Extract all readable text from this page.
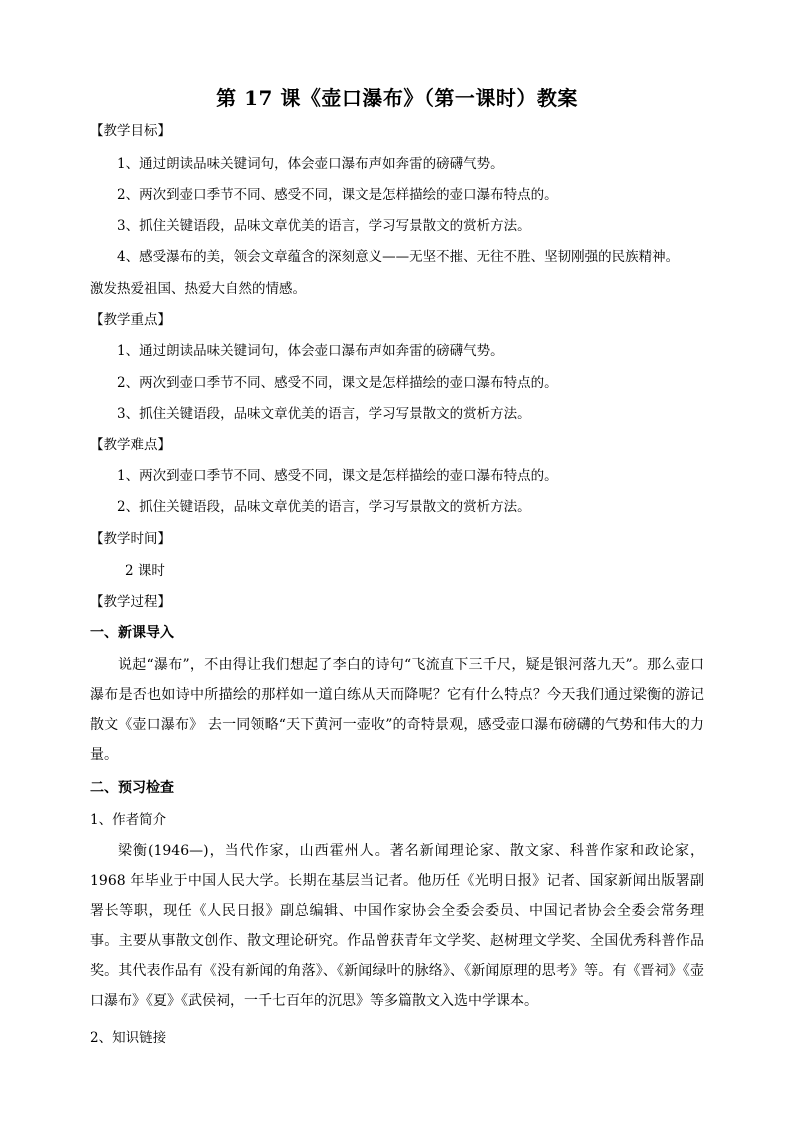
第 17 课《壶口瀑布》（第一课时）教案
【教学目标】
1、通过朗读品味关键词句，体会壶口瀑布声如奔雷的磅礴气势。
2、两次到壶口季节不同、感受不同，课文是怎样描绘的壶口瀑布特点的。
3、抓住关键语段，品味文章优美的语言，学习写景散文的赏析方法。
4、感受瀑布的美，领会文章蕴含的深刻意义——无坚不摧、无往不胜、坚韧刚强的民族精神。
激发热爱祖国、热爱大自然的情感。
【教学重点】
1、通过朗读品味关键词句，体会壶口瀑布声如奔雷的磅礴气势。
2、两次到壶口季节不同、感受不同，课文是怎样描绘的壶口瀑布特点的。
3、抓住关键语段，品味文章优美的语言，学习写景散文的赏析方法。
【教学难点】
1、两次到壶口季节不同、感受不同，课文是怎样描绘的壶口瀑布特点的。
2、抓住关键语段，品味文章优美的语言，学习写景散文的赏析方法。
【教学时间】
2 课时
【教学过程】
一、新课导入
说起“瀑布”，不由得让我们想起了李白的诗句“飞流直下三千尺，疑是银河落九天”。那么壶口瀑布是否也如诗中所描绘的那样如一道白练从天而降呢？它有什么特点？今天我们通过梁衡的游记散文《壶口瀑布》 去一同领略“天下黄河一壶收”的奇特景观，感受壶口瀑布磅礴的气势和伟大的力量。
二、预习检查
1、作者简介
梁衡(1946—)，当代作家，山西霍州人。著名新闻理论家、散文家、科普作家和政论家，1968 年毕业于中国人民大学。长期在基层当记者。他历任《光明日报》记者、国家新闻出版署副署长等职，现任《人民日报》副总编辑、中国作家协会全委会委员、中国记者协会全委会常务理事。主要从事散文创作、散文理论研究。作品曾获青年文学奖、赵树理文学奖、全国优秀科普作品奖。其代表作品有《没有新闻的角落》、《新闻绿叶的脉络》、《新闻原理的思考》等。有《晋祠》《壶口瀑布》《夏》《武侯祠，一千七百年的沉思》等多篇散文入选中学课本。
2、知识链接
